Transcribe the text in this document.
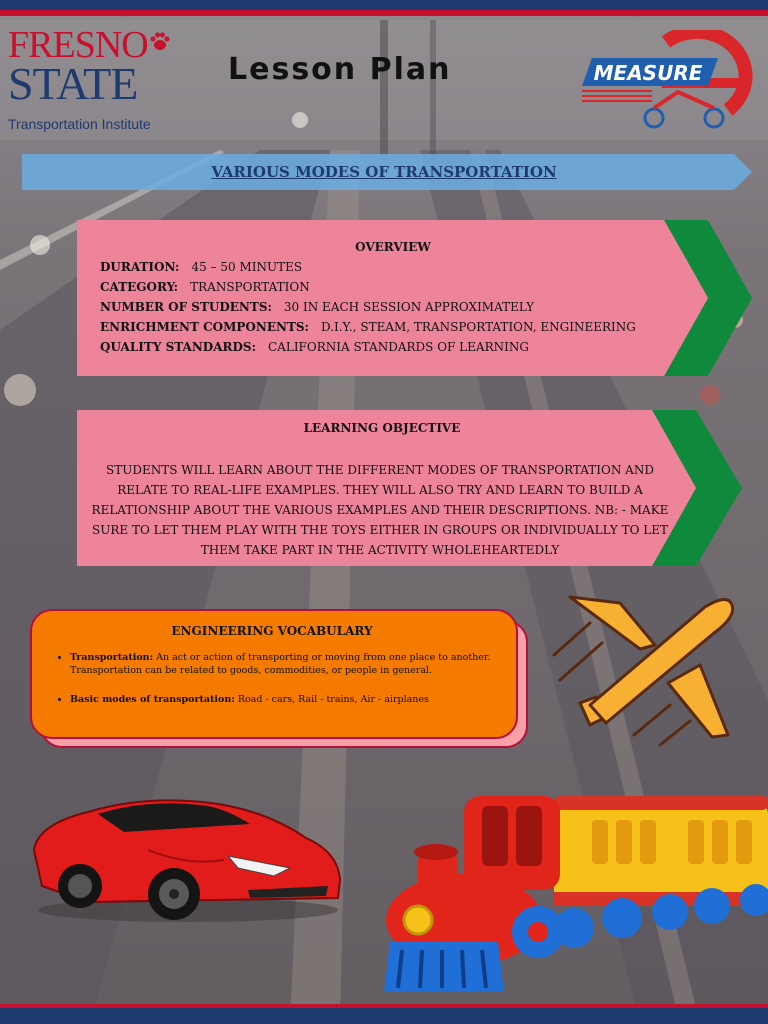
FRESNO
STATE
Transportation Institute
Lesson Plan	MEASURE
VARIOUS MODES OF TRANSPORTATION
OVERVIEW
DURATION: 45 – 50 MINUTES
CATEGORY: TRANSPORTATION
NUMBER OF STUDENTS: 30 IN EACH SESSION APPROXIMATELY
ENRICHMENT COMPONENTS: D.I.Y., STEAM, TRANSPORTATION, ENGINEERING
QUALITY STANDARDS: CALIFORNIA STANDARDS OF LEARNING
LEARNING OBJECTIVE
STUDENTS WILL LEARN ABOUT THE DIFFERENT MODES OF TRANSPORTATION AND RELATE TO REAL-LIFE EXAMPLES. THEY WILL ALSO TRY AND LEARN TO BUILD A RELATIONSHIP ABOUT THE VARIOUS EXAMPLES AND THEIR DESCRIPTIONS. NB: - MAKE SURE TO LET THEM PLAY WITH THE TOYS EITHER IN GROUPS OR INDIVIDUALLY TO LET THEM TAKE PART IN THE ACTIVITY WHOLEHEARTEDLY
• Transportation: An act or action of transporting or moving from one place to another. Transportation can be related to goods, commodities, or people in general.
• Basic modes of transportation: Road - cars, Rail - trains, Air - airplanes
ENGINEERING VOCABULARY
